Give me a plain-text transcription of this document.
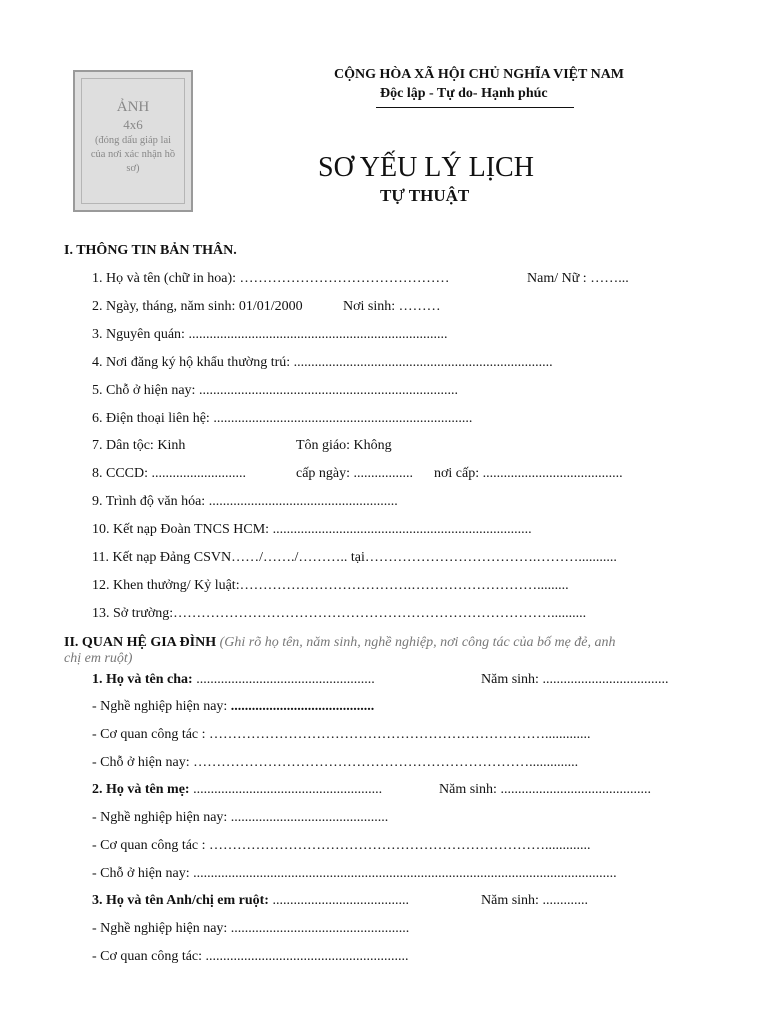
ẢNH
4x6
(đóng dấu giáp lai của nơi xác nhận hồ sơ)
CỘNG HÒA XÃ HỘI CHỦ NGHĨA VIỆT NAM
Độc lập - Tự do- Hạnh phúc
SƠ YẾU LÝ LỊCH
TỰ THUẬT
I. THÔNG TIN BẢN THÂN.
1. Họ và tên (chữ in hoa): ………………………………………	Nam/ Nữ : ……...
2. Ngày, tháng, năm sinh: 01/01/2000	Nơi sinh: ………
3. Nguyên quán: ..........................................................................
4. Nơi đăng ký hộ khẩu thường trú: ..........................................................................
5. Chỗ ở hiện nay: ..........................................................................
6. Điện thoại liên hệ: ..........................................................................
7. Dân tộc: Kinh	Tôn giáo: Không
8. CCCD: ...........................	cấp ngày: ................. nơi cấp: ........................................
9. Trình độ văn hóa: ......................................................
10. Kết nạp Đoàn TNCS HCM: ..........................................................................
11. Kết nạp Đảng CSVN……/……./……….. tại……………………………….………...........
12. Khen thưởng/ Kỷ luật:……………………………….……………………….........
13. Sở trường:………………………………………………………………………..........
II. QUAN HỆ GIA ĐÌNH (Ghi rõ họ tên, năm sinh, nghề nghiệp, nơi công tác của bố mẹ đẻ, anh
chị em ruột)
1. Họ và tên cha: ...................................................	Năm sinh: ....................................
- Nghề nghiệp hiện nay: .........................................
- Cơ quan công tác : ……………………………………………………………….............
- Chỗ ở hiện nay: ………………………………………………………………..............
2. Họ và tên mẹ: ......................................................	Năm sinh: ...........................................
- Nghề nghiệp hiện nay: .............................................
- Cơ quan công tác : ……………………………………………………………….............
- Chỗ ở hiện nay: .........................................................................................................................
3. Họ và tên Anh/chị em ruột: .......................................	Năm sinh: .............
- Nghề nghiệp hiện nay: ...................................................
- Cơ quan công tác: ..........................................................
